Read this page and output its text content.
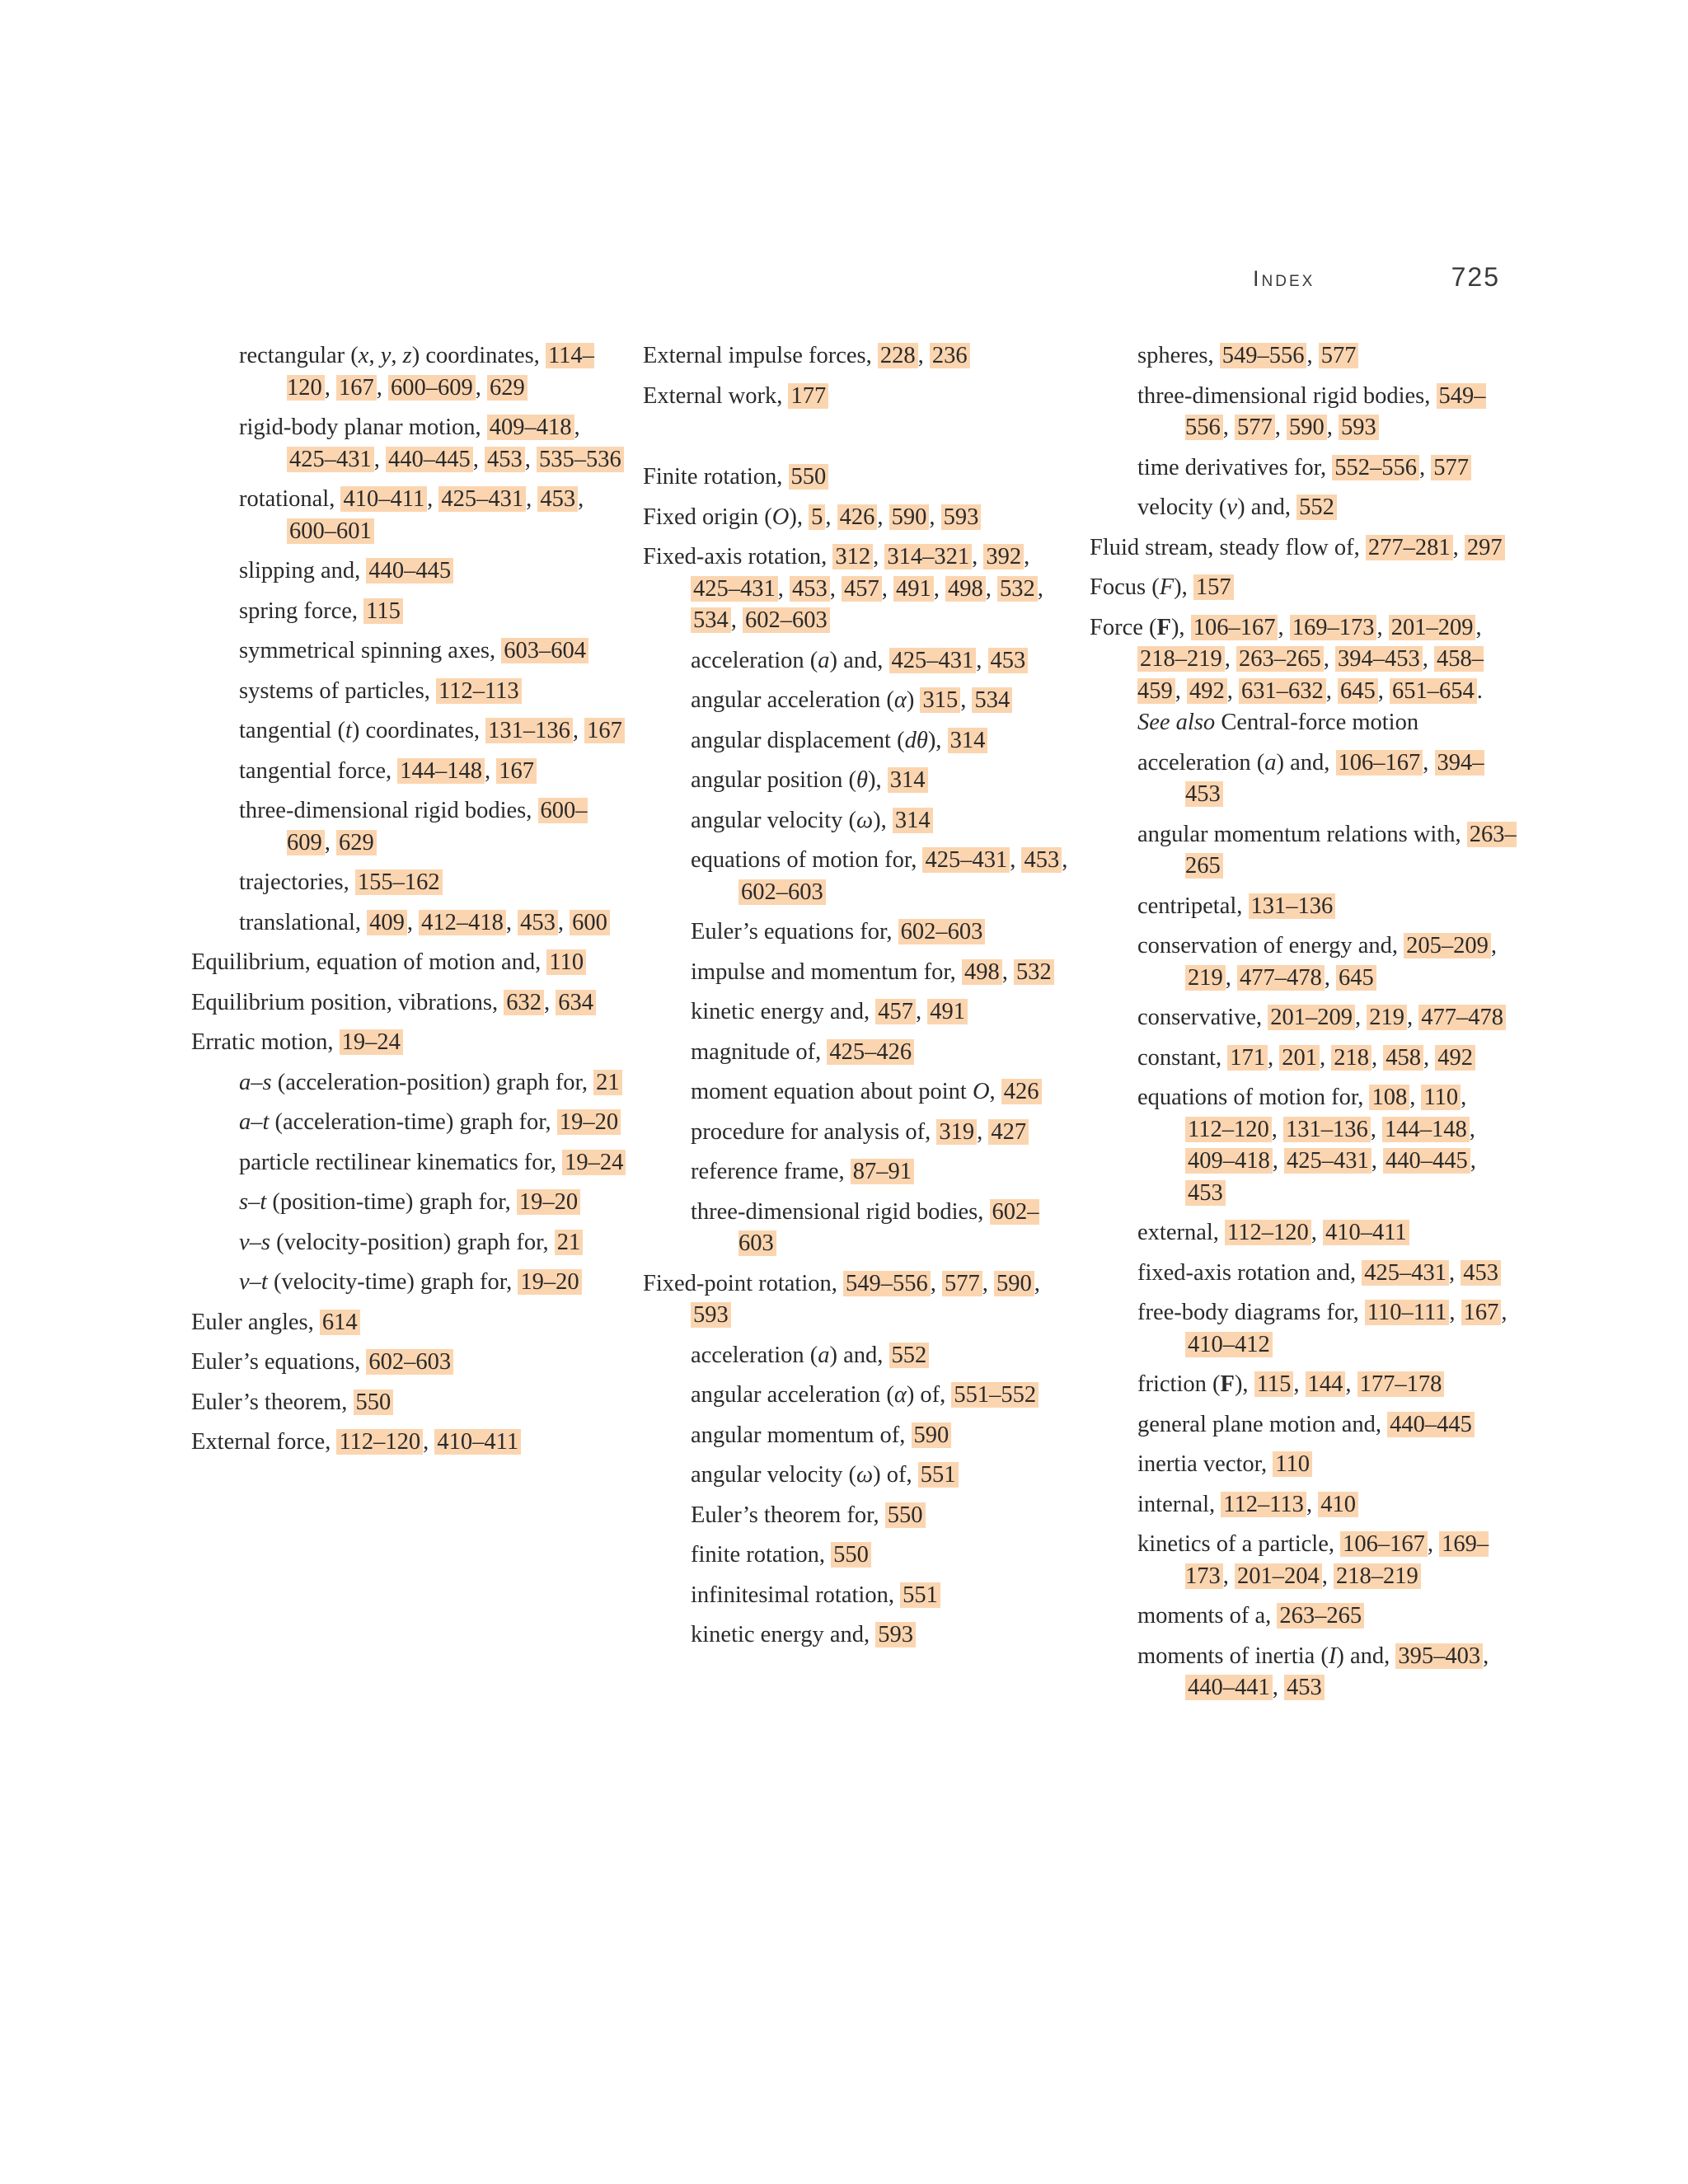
Index	725
rectangular (x, y, z) coordinates, 114–120 , 167 , 600–609 , 629
rigid-body planar motion, 409–418 , 425–431 , 440–445 , 453 , 535–536
rotational, 410–411 , 425–431 , 453 , 600–601
slipping and, 440–445
spring force, 115
symmetrical spinning axes, 603–604
systems of particles, 112–113
tangential (t) coordinates, 131–136 , 167
tangential force, 144–148 , 167
three-dimensional rigid bodies, 600–609 , 629
trajectories, 155–162
translational, 409 , 412–418 , 453 , 600
Equilibrium, equation of motion and, 110
Equilibrium position, vibrations, 632 , 634
Erratic motion, 19–24
a–s (acceleration-position) graph for, 21
a–t (acceleration-time) graph for, 19–20
particle rectilinear kinematics for, 19–24
s–t (position-time) graph for, 19–20
v–s (velocity-position) graph for, 21
v–t (velocity-time) graph for, 19–20
Euler angles, 614
Euler’s equations, 602–603
Euler’s theorem, 550
External force, 112–120 , 410–411
External impulse forces, 228 , 236
External work, 177
Finite rotation, 550
Fixed origin (O), 5 , 426 , 590 , 593
Fixed-axis rotation, 312 , 314–321 , 392 , 425–431 , 453 , 457 , 491 , 498 , 532 , 534 , 602–603
acceleration (a) and, 425–431 , 453
angular acceleration (α) 315 , 534
angular displacement (dθ), 314
angular position (θ), 314
angular velocity (ω), 314
equations of motion for, 425–431 , 453 , 602–603
Euler’s equations for, 602–603
impulse and momentum for, 498 , 532
kinetic energy and, 457 , 491
magnitude of, 425–426
moment equation about point O, 426
procedure for analysis of, 319 , 427
reference frame, 87–91
three-dimensional rigid bodies, 602–603
Fixed-point rotation, 549–556 , 577 , 590 , 593
acceleration (a) and, 552
angular acceleration (α) of, 551–552
angular momentum of, 590
angular velocity (ω) of, 551
Euler’s theorem for, 550
finite rotation, 550
infinitesimal rotation, 551
kinetic energy and, 593
spheres, 549–556 , 577
three-dimensional rigid bodies, 549–556 , 577 , 590 , 593
time derivatives for, 552–556 , 577
velocity (v) and, 552
Fluid stream, steady flow of, 277–281 , 297
Focus (F), 157
Force (F), 106–167 , 169–173 , 201–209 , 218–219 , 263–265 , 394–453 , 458–459 , 492 , 631–632 , 645 , 651–654 . See also Central-force motion
acceleration (a) and, 106–167 , 394–453
angular momentum relations with, 263–265
centripetal, 131–136
conservation of energy and, 205–209 , 219 , 477–478 , 645
conservative, 201–209 , 219 , 477–478
constant, 171 , 201 , 218 , 458 , 492
equations of motion for, 108 , 110 , 112–120 , 131–136 , 144–148 , 409–418 , 425–431 , 440–445 , 453
external, 112–120 , 410–411
fixed-axis rotation and, 425–431 , 453
free-body diagrams for, 110–111 , 167 , 410–412
friction (F), 115 , 144 , 177–178
general plane motion and, 440–445
inertia vector, 110
internal, 112–113 , 410
kinetics of a particle, 106–167 , 169–173 , 201–204 , 218–219
moments of a, 263–265
moments of inertia (I) and, 395–403 , 440–441 , 453
